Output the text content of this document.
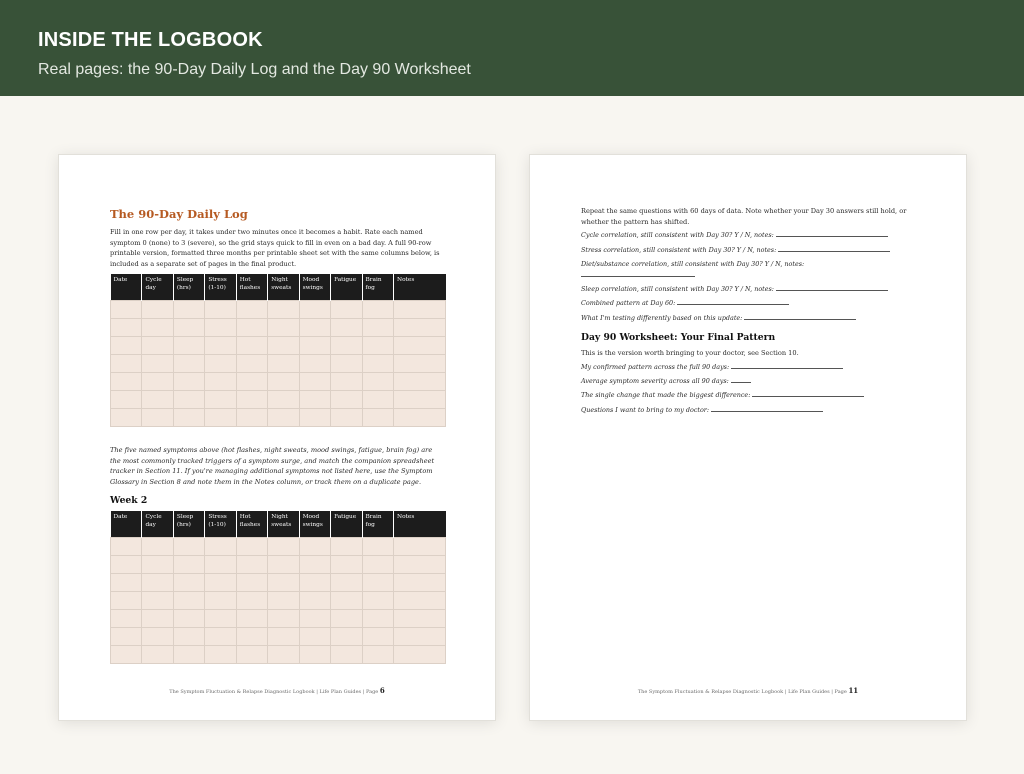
INSIDE THE LOGBOOK
Real pages: the 90-Day Daily Log and the Day 90 Worksheet
The 90-Day Daily Log
Fill in one row per day, it takes under two minutes once it becomes a habit. Rate each named symptom 0 (none) to 3 (severe), so the grid stays quick to fill in even on a bad day. A full 90-row printable version, formatted three months per printable sheet set with the same columns below, is included as a separate set of pages in the final product.
Date	Cycle day	Sleep (hrs)	Stress (1-10)	Hot flashes	Night sweats	Mood swings	Fatigue	Brain fog	Notes

The five named symptoms above (hot flashes, night sweats, mood swings, fatigue, brain fog) are the most commonly tracked triggers of a symptom surge, and match the companion spreadsheet tracker in Section 11. If you're managing additional symptoms not listed here, use the Symptom Glossary in Section 8 and note them in the Notes column, or track them on a duplicate page.
Week 2
Date	Cycle day	Sleep (hrs)	Stress (1-10)	Hot flashes	Night sweats	Mood swings	Fatigue	Brain fog	Notes

The Symptom Fluctuation & Relapse Diagnostic Logbook | Life Plan Guides | Page 6
Repeat the same questions with 60 days of data. Note whether your Day 30 answers still hold, or whether the pattern has shifted.
Cycle correlation, still consistent with Day 30? Y / N, notes:
Stress correlation, still consistent with Day 30? Y / N, notes:
Diet/substance correlation, still consistent with Day 30? Y / N, notes:
Sleep correlation, still consistent with Day 30? Y / N, notes:
Combined pattern at Day 60:
What I'm testing differently based on this update:
Day 90 Worksheet: Your Final Pattern
This is the version worth bringing to your doctor, see Section 10.
My confirmed pattern across the full 90 days:
Average symptom severity across all 90 days:
The single change that made the biggest difference:
Questions I want to bring to my doctor:
The Symptom Fluctuation & Relapse Diagnostic Logbook | Life Plan Guides | Page 11
